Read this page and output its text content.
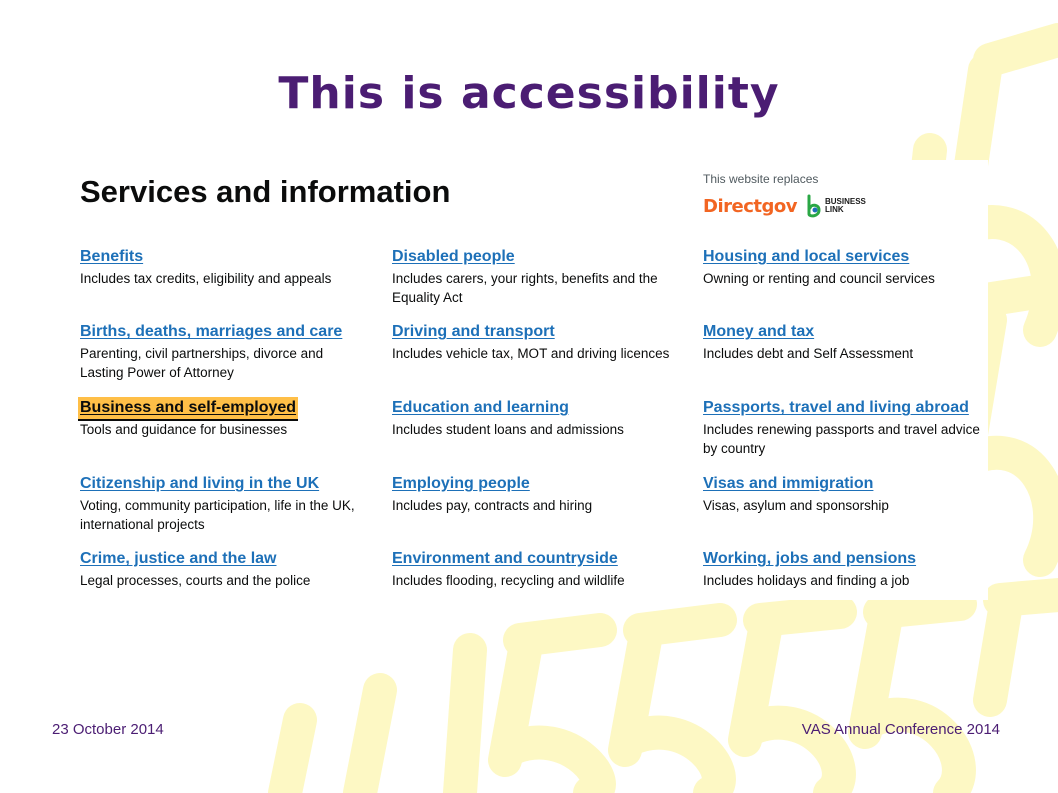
This is accessibility
Services and information	This website replaces
Directgov	BUSINESS
LINK
Benefits
Includes tax credits, eligibility and appeals
Births, deaths, marriages and care
Parenting, civil partnerships, divorce and Lasting Power of Attorney
Business and self-employed
Tools and guidance for businesses
Citizenship and living in the UK
Voting, community participation, life in the UK, international projects
Crime, justice and the law
Legal processes, courts and the police
Disabled people
Includes carers, your rights, benefits and the Equality Act
Driving and transport
Includes vehicle tax, MOT and driving licences
Education and learning
Includes student loans and admissions
Employing people
Includes pay, contracts and hiring
Environment and countryside
Includes flooding, recycling and wildlife
Housing and local services
Owning or renting and council services
Money and tax
Includes debt and Self Assessment
Passports, travel and living abroad
Includes renewing passports and travel advice by country
Visas and immigration
Visas, asylum and sponsorship
Working, jobs and pensions
Includes holidays and finding a job
23 October 2014	VAS Annual Conference 2014
